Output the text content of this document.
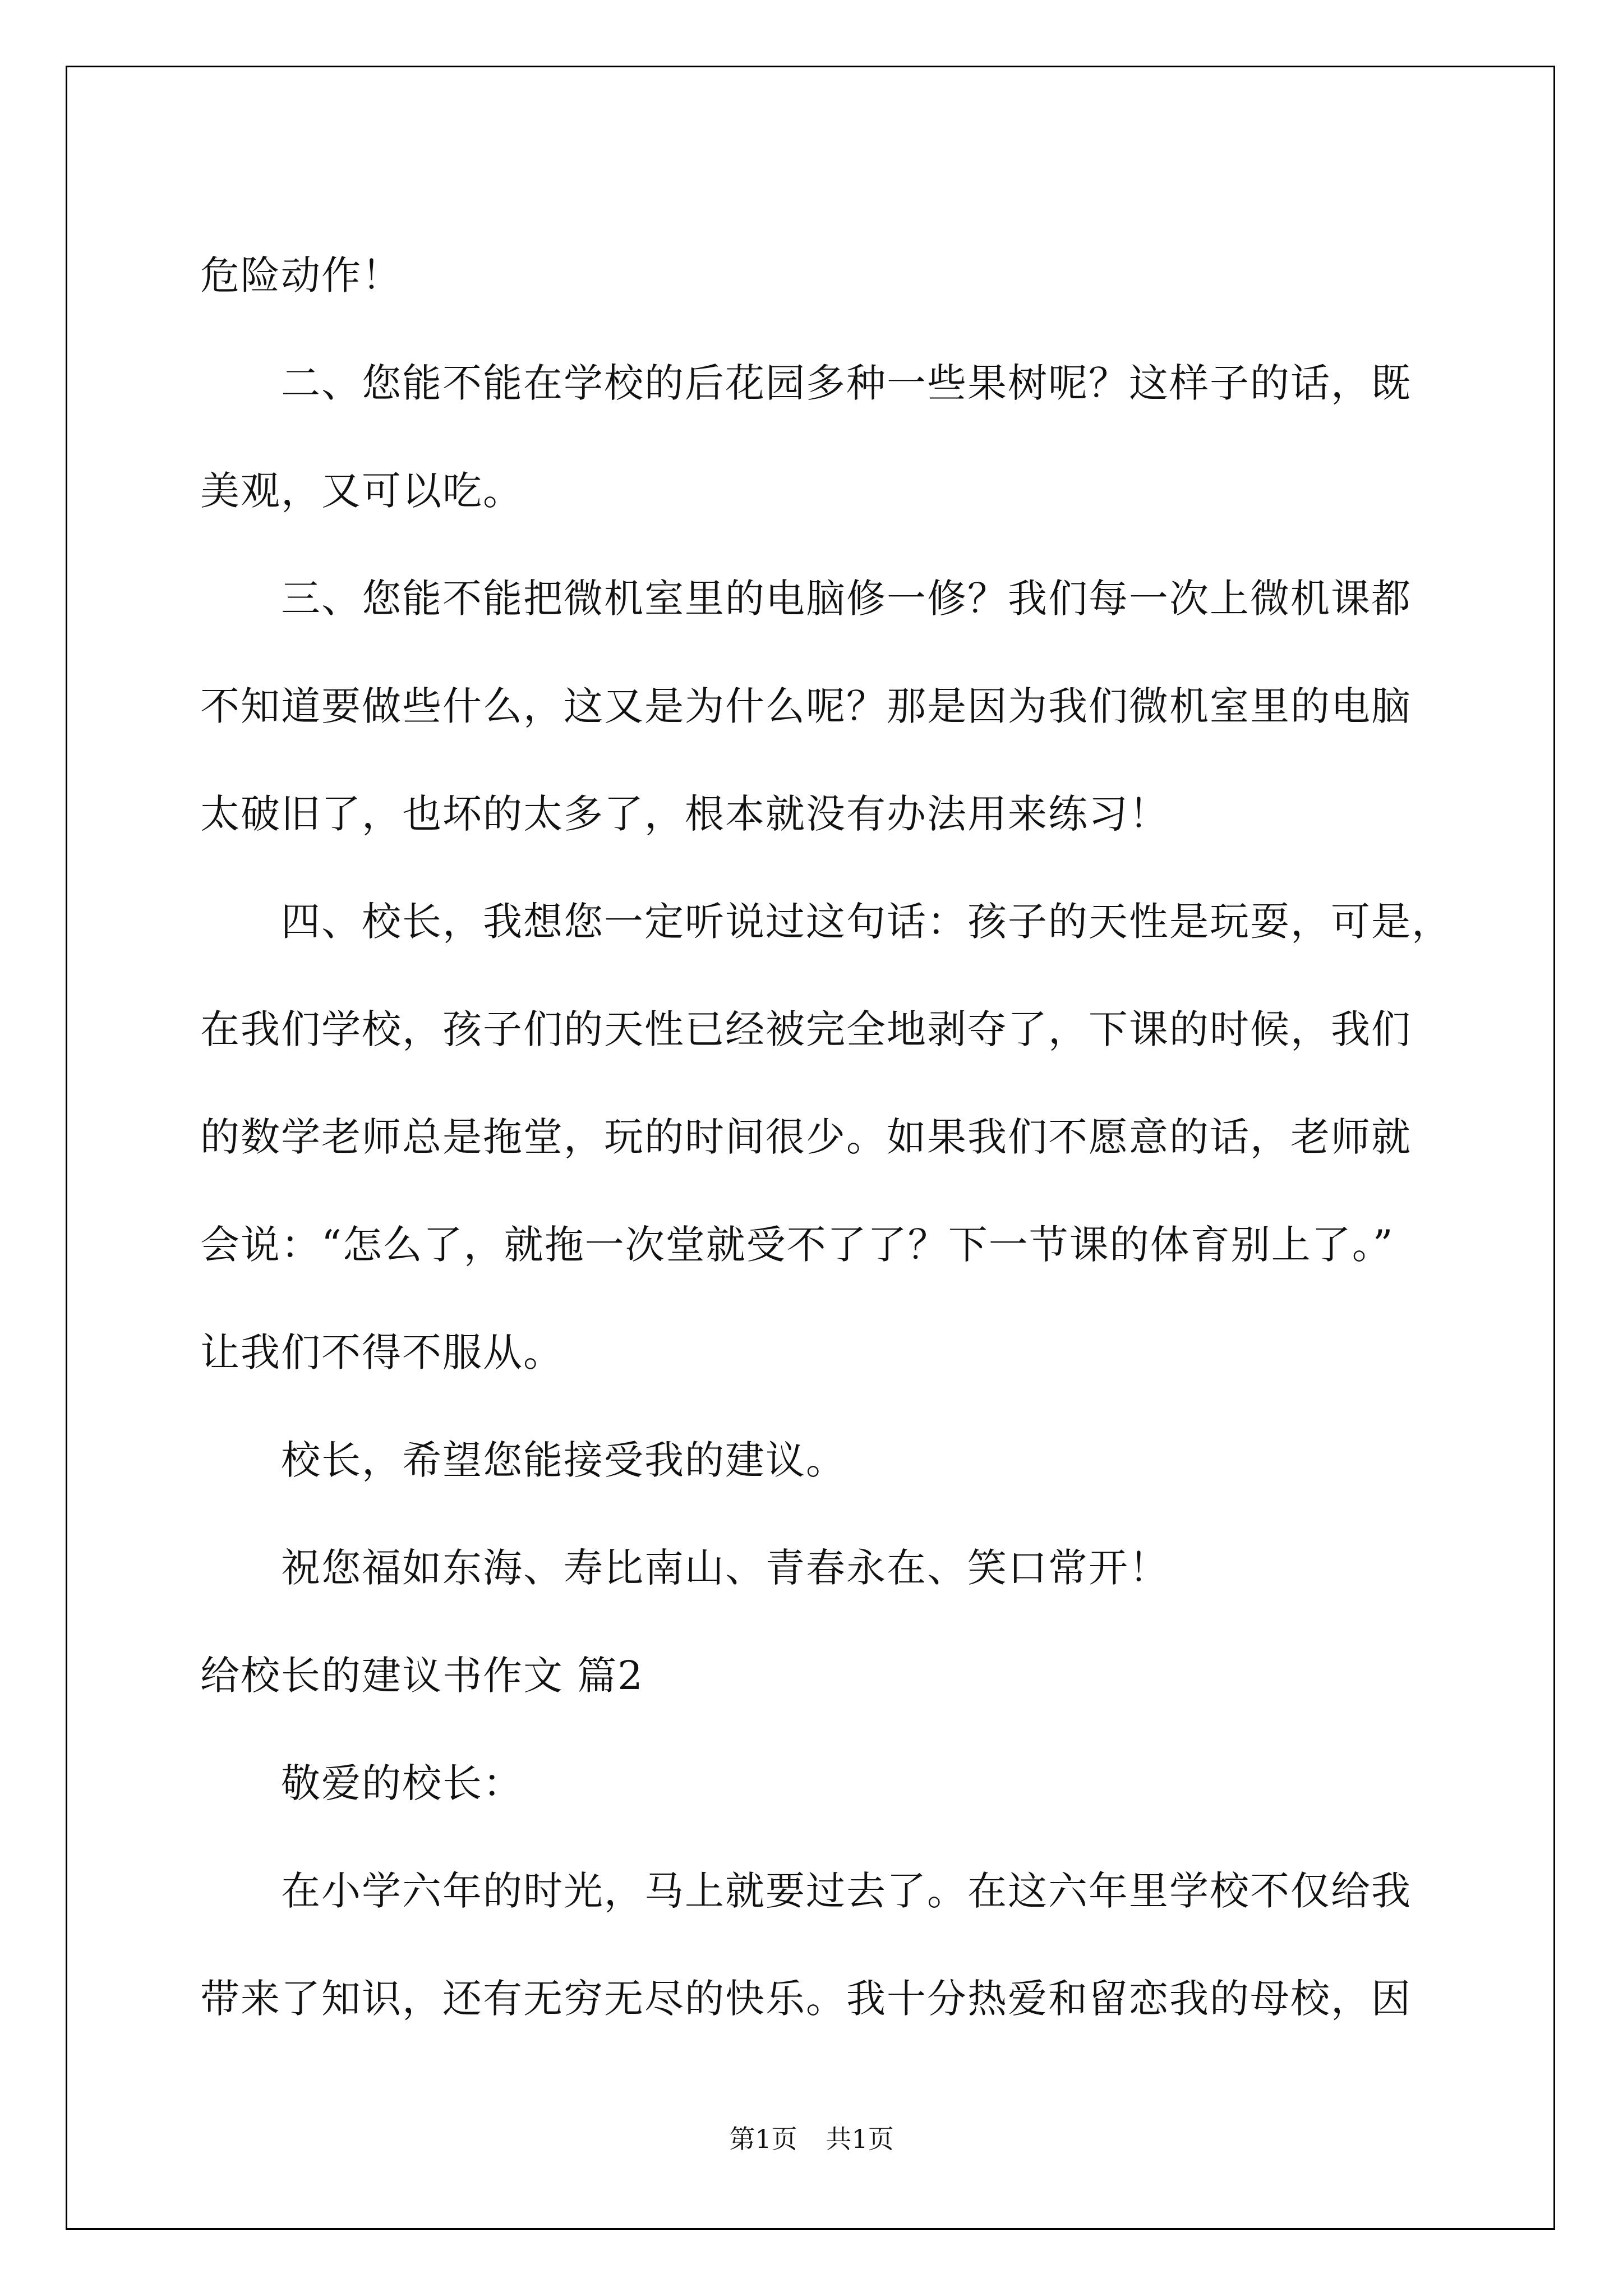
危险动作！
二、您能不能在学校的后花园多种一些果树呢？这样子的话，既
美观，又可以吃。
三、您能不能把微机室里的电脑修一修？我们每一次上微机课都
不知道要做些什么，这又是为什么呢？那是因为我们微机室里的电脑
太破旧了，也坏的太多了，根本就没有办法用来练习！
四、校长，我想您一定听说过这句话：孩子的天性是玩耍，可是，
在我们学校，孩子们的天性已经被完全地剥夺了，下课的时候，我们
的数学老师总是拖堂，玩的时间很少。如果我们不愿意的话，老师就
会说：“怎么了，就拖一次堂就受不了了？下一节课的体育别上了。”
让我们不得不服从。
校长，希望您能接受我的建议。
祝您福如东海、寿比南山、青春永在、笑口常开！
给校长的建议书作文 篇2
敬爱的校长：
在小学六年的时光，马上就要过去了。在这六年里学校不仅给我
带来了知识，还有无穷无尽的快乐。我十分热爱和留恋我的母校，因
第1页 共1页
